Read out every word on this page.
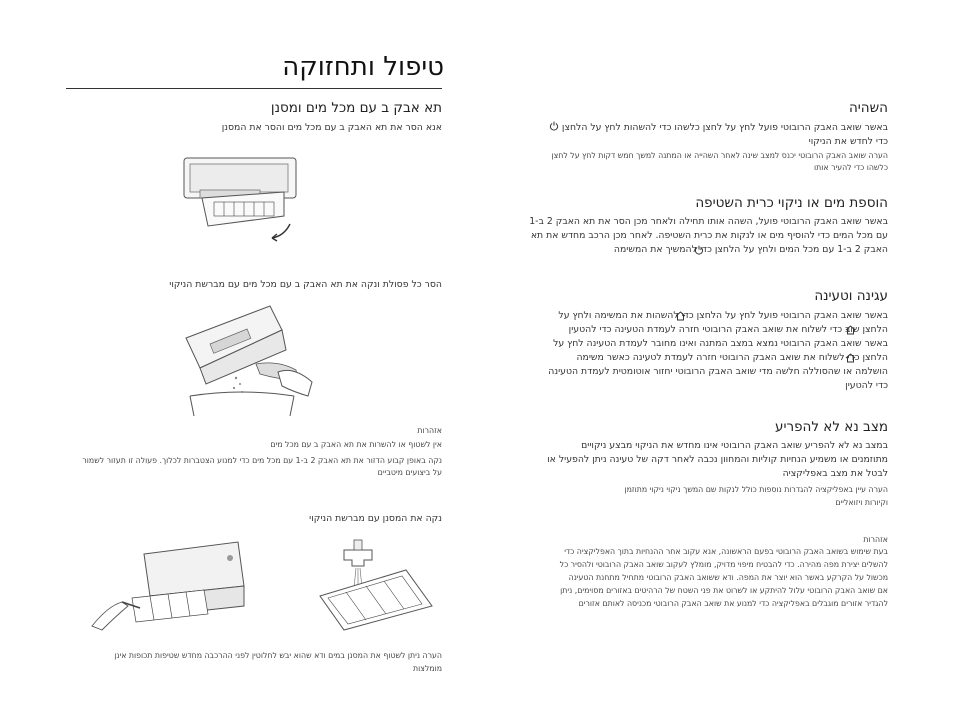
טיפול ותחזוקה
השהיה
באשר שואב האבק הרובוטי פועל לחץ על לחצן כלשהו כדי להשהות לחץ על הלחצן
כדי לחדש את הניקוי
הערה שואב האבק הרובוטי יכנס למצב שינה לאחר השהייה או המתנה למשך חמש דקות לחץ על לחצן
כלשהו כדי להעיר אותו
הוספת מים או ניקוי כרית השטיפה
באשר שואב האבק הרובוטי פועל, השהה אותו תחילה ולאחר מכן הסר את תא האבק 2 ב-1
עם מכל המים כדי להוסיף מים או לנקות את כרית השטיפה. לאחר מכן הרכב מחדש את תא
האבק 2 ב-1 עם מכל המים ולחץ על הלחצן כדי להמשיך את המשימה
עגינה וטעינה
באשר שואב האבק הרובוטי פועל לחץ על הלחצן כדי להשהות את המשימה ולחץ על
הלחצן שוב כדי לשלוח את שואב האבק הרובוטי חזרה לעמדת הטעינה כדי להטעין
באשר שואב האבק הרובוטי נמצא במצב המתנה ואינו מחובר לעמדת הטעינה לחץ על
הלחצן כדי לשלוח את שואב האבק הרובוטי חזרה לעמדת לטעינה כאשר משימה
הושלמה או שהסוללה חלשה מדי שואב האבק הרובוטי יחזור אוטומטית לעמדת הטעינה
כדי להטעין
מצב נא לא להפריע
במצב נא לא להפריע שואב האבק הרובוטי אינו מחדש את הניקוי מבצע ניקויים
מתוזמנים או משמיע הנחיות קוליות והמחוון נכבה לאחר דקה של טעינה ניתן להפעיל או
לבטל את מצב באפליקציה
הערה עיין באפליקציה להגדרות נוספות כולל לנקות שם המשך ניקוי ניקוי מתוזמן
וקיורות ויזואליים
אזהרות
בעת שימוש בשואב האבק הרובוטי בפעם הראשונה, אנא עקוב אחר ההנחיות בתוך האפליקציה כדי
להשלים יצירת מפה מהירה. כדי להבטיח מיפוי מדויק, מומלץ לעקוב שואב האבק הרובוטי ולהסיר כל
מכשול על הקרקע באשר הוא יוצר את המפה. ודא ששואב האבק הרובוטי מתחיל מתחנת הטעינה
אם שואב האבק הרובוטי עלול להיתקע או לשרוט את פני השטח של הרהיטים באזורים מסוימים, ניתן
להגדיר אזורים מוגבלים באפליקציה כדי למנוע את שואב האבק הרובוטי מכניסה לאותם אזורים
תא אבק ב עם מכל מים ומסנן
אנא הסר את תא האבק ב עם מכל מים והסר את המסנן
הסר כל פסולת ונקה את תא האבק ב עם מכל מים עם מברשת הניקוי
אזהרות
אין לשטוף או להשרות את תא האבק ב עם מכל מים
נקה באופן קבוע הדזור את תא האבק 2 ב-1 עם מכל מים כדי למנוע הצטברות לכלוך. פעולה זו תעזור לשמור
על ביצועים מיטביים
נקה את המסנן עם מברשת הניקוי
הערה ניתן לשטוף את המסנן במים ודא שהוא יבש לחלוטין לפני ההרכבה מחדש שטיפות תכופות אינן
מומלצות
